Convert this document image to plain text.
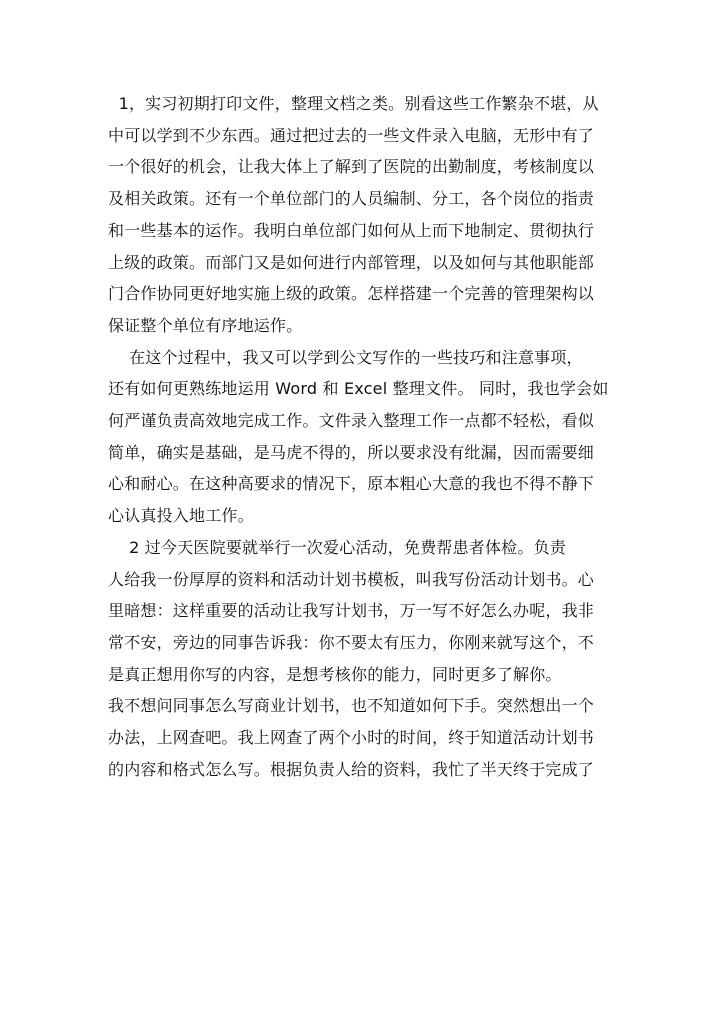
1，实习初期打印文件，整理文档之类。别看这些工作繁杂不堪，从
中可以学到不少东西。通过把过去的一些文件录入电脑，无形中有了
一个很好的机会，让我大体上了解到了医院的出勤制度，考核制度以
及相关政策。还有一个单位部门的人员编制、分工，各个岗位的指责
和一些基本的运作。我明白单位部门如何从上而下地制定、贯彻执行
上级的政策。而部门又是如何进行内部管理，以及如何与其他职能部
门合作协同更好地实施上级的政策。怎样搭建一个完善的管理架构以
保证整个单位有序地运作。
在这个过程中，我又可以学到公文写作的一些技巧和注意事项，
还有如何更熟练地运用 Word 和 Excel 整理文件。 同时，我也学会如
何严谨负责高效地完成工作。文件录入整理工作一点都不轻松，看似
简单，确实是基础，是马虎不得的，所以要求没有纰漏，因而需要细
心和耐心。在这种高要求的情况下，原本粗心大意的我也不得不静下
心认真投入地工作。
2 过今天医院要就举行一次爱心活动，免费帮患者体检。负责
人给我一份厚厚的资料和活动计划书模板，叫我写份活动计划书。心
里暗想：这样重要的活动让我写计划书，万一写不好怎么办呢，我非
常不安，旁边的同事告诉我：你不要太有压力，你刚来就写这个，不
是真正想用你写的内容，是想考核你的能力，同时更多了解你。
我不想问同事怎么写商业计划书，也不知道如何下手。突然想出一个
办法，上网查吧。我上网查了两个小时的时间，终于知道活动计划书
的内容和格式怎么写。根据负责人给的资料，我忙了半天终于完成了
